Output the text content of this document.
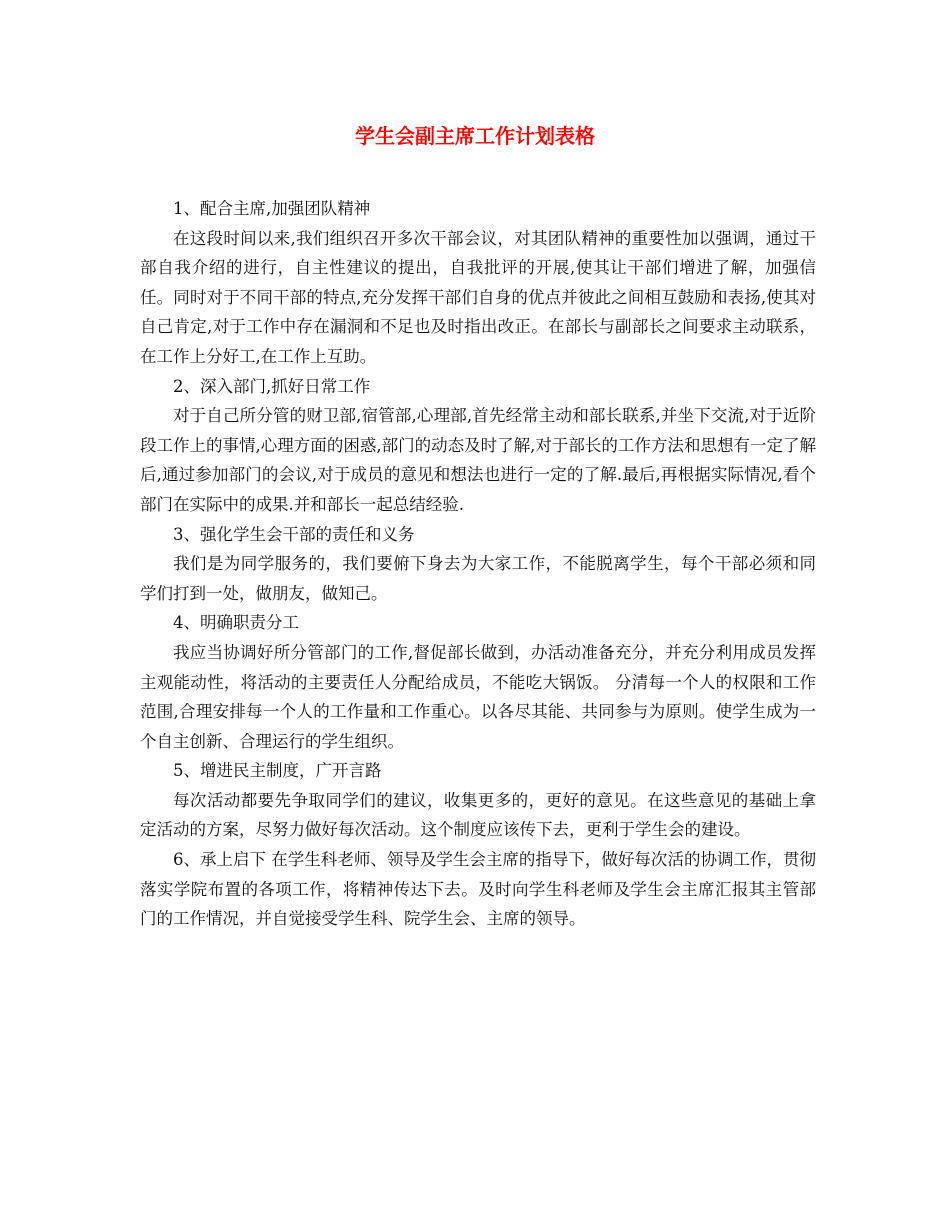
学生会副主席工作计划表格

1、配合主席,加强团队精神

在这段时间以来,我们组织召开多次干部会议，对其团队精神的重要性加以强调，通过干部自我介绍的进行，自主性建议的提出，自我批评的开展,使其让干部们增进了解，加强信任。同时对于不同干部的特点,充分发挥干部们自身的优点并彼此之间相互鼓励和表扬,使其对自己肯定,对于工作中存在漏洞和不足也及时指出改正。在部长与副部长之间要求主动联系，在工作上分好工,在工作上互助。

2、深入部门,抓好日常工作

对于自己所分管的财卫部,宿管部,心理部,首先经常主动和部长联系,并坐下交流,对于近阶段工作上的事情,心理方面的困惑,部门的动态及时了解,对于部长的工作方法和思想有一定了解后,通过参加部门的会议,对于成员的意见和想法也进行一定的了解.最后,再根据实际情况,看个部门在实际中的成果.并和部长一起总结经验.

3、强化学生会干部的责任和义务

我们是为同学服务的，我们要俯下身去为大家工作，不能脱离学生，每个干部必须和同学们打到一处，做朋友，做知己。

4、明确职责分工

我应当协调好所分管部门的工作,督促部长做到，办活动准备充分，并充分利用成员发挥主观能动性，将活动的主要责任人分配给成员，不能吃大锅饭。 分清每一个人的权限和工作范围,合理安排每一个人的工作量和工作重心。以各尽其能、共同参与为原则。使学生成为一个自主创新、合理运行的学生组织。

5、增进民主制度，广开言路

每次活动都要先争取同学们的建议，收集更多的，更好的意见。在这些意见的基础上拿定活动的方案，尽努力做好每次活动。这个制度应该传下去，更利于学生会的建设。

6、承上启下 在学生科老师、领导及学生会主席的指导下，做好每次活的协调工作，贯彻落实学院布置的各项工作，将精神传达下去。及时向学生科老师及学生会主席汇报其主管部门的工作情况，并自觉接受学生科、院学生会、主席的领导。
